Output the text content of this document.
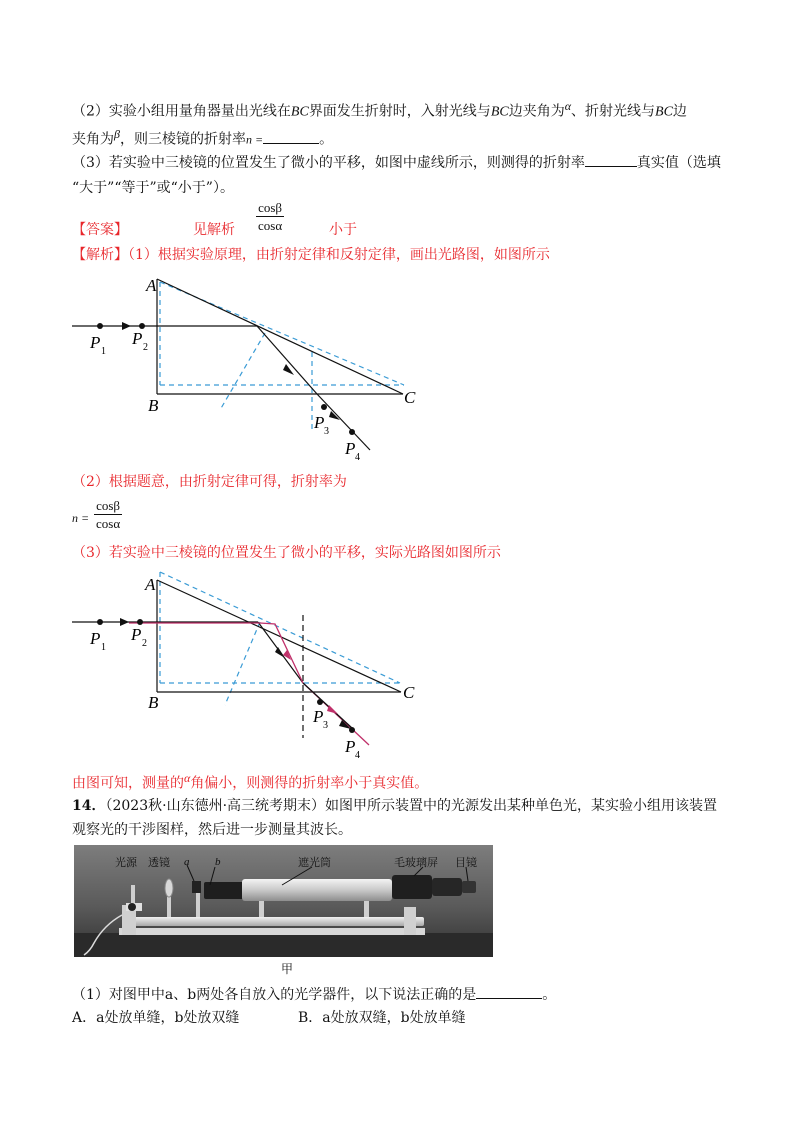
（2）实验小组用量角器量出光线在BC界面发生折射时，入射光线与BC边夹角为α、折射光线与BC边
夹角为β，则三棱镜的折射率n =	。
（3）若实验中三棱镜的位置发生了微小的平移，如图中虚线所示，则测得的折射率	真实值（选填
“大于”“等于”或“小于”）。
【答案】	见解析 $\frac{\cos\beta}{\cos\alpha}$	小于
【解析】（1）根据实验原理，由折射定律和反射定律，画出光路图，如图所示
A
B	C
P 1
P 2
P 3
P 4
（2）根据题意，由折射定律可得，折射率为
$n = \frac{\cos\beta}{\cos\alpha}$
（3）若实验中三棱镜的位置发生了微小的平移，实际光路图如图所示
A
B
C
P 1
P 2
P 3
P 4
由图可知，测量的α角偏小，则测得的折射率小于真实值。
14．（2023秋·山东德州·高三统考期末）如图甲所示装置中的光源发出某种单色光，某实验小组用该装置
观察光的干涉图样，然后进一步测量其波长。
光源 透镜 a b	遮光筒	毛玻璃屏 目镜
甲
（1）对图甲中a、b两处各自放入的光学器件，以下说法正确的是	。
A．a处放单缝，b处放双缝	B．a处放双缝，b处放单缝
